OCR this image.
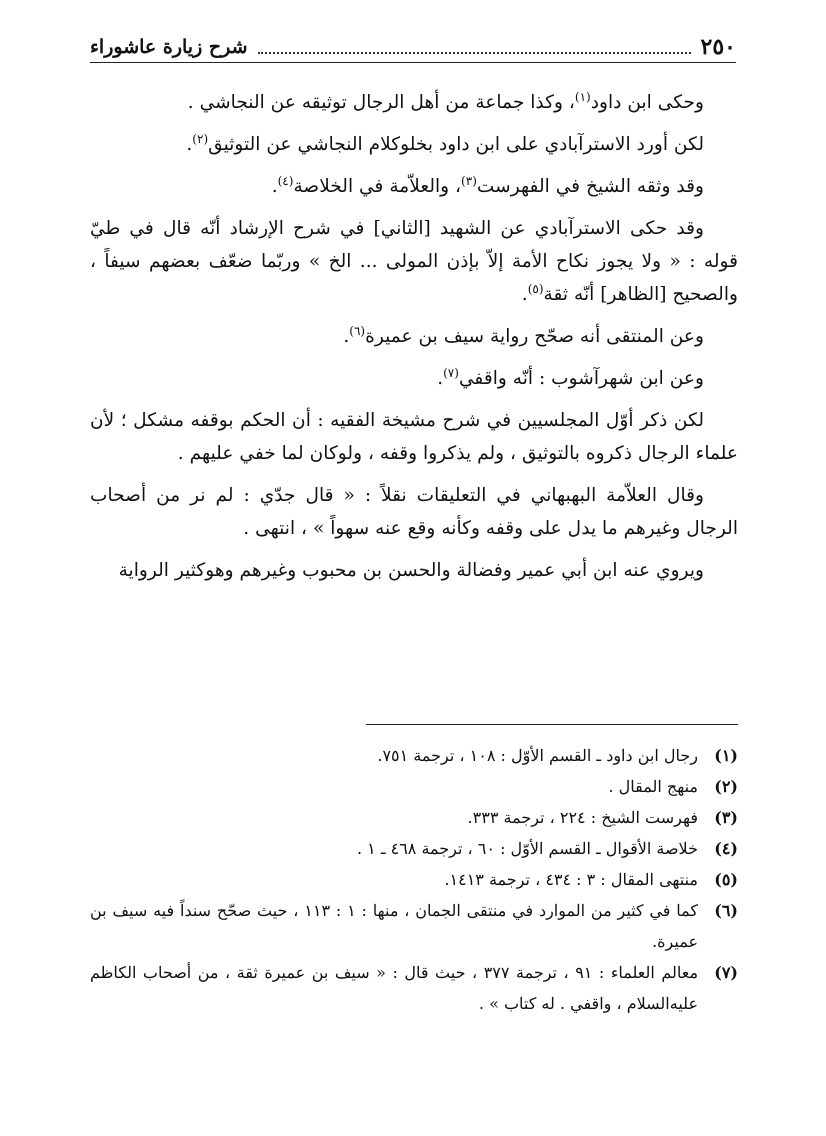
٢٥٠
شرح زيارة عاشوراء

وحكى ابن داود$^{(١)}$، وكذا جماعة من أهل الرجال توثيقه عن النجاشي .

لكن أورد الاسترآبادي على ابن داود بخلوكلام النجاشي عن التوثيق$^{(٢)}$.

وقد وثقه الشيخ في الفهرست$^{(٣)}$، والعلاّمة في الخلاصة$^{(٤)}$.

وقد حكى الاسترآبادي عن الشهيد [الثاني] في شرح الإرشاد أنّه قال في طيّ قوله : « ولا يجوز نكاح الأمة إلاّ بإذن المولى ... الخ » وربّما ضعّف بعضهم سيفاً ، والصحيح [الظاهر] أنّه ثقة$^{(٥)}$.

وعن المنتقى أنه صحّح رواية سيف بن عميرة$^{(٦)}$.

وعن ابن شهرآشوب : أنّه واقفي$^{(٧)}$.

لكن ذكر أوّل المجلسيين في شرح مشيخة الفقيه : أن الحكم بوقفه مشكل ؛ لأن علماء الرجال ذكروه بالتوثيق ، ولم يذكروا وقفه ، ولوكان لما خفي عليهم .

وقال العلاّمة البهبهاني في التعليقات نقلاً : « قال جدّي : لم نر من أصحاب الرجال وغيرهم ما يدل على وقفه وكأنه وقع عنه سهواً » ، انتهى .

ويروي عنه ابن أبي عمير وفضالة والحسن بن محبوب وغيرهم وهوكثير الرواية

(١)
رجال ابن داود ـ القسم الأوّل : ١٠٨ ، ترجمة ٧٥١.
(٢)
منهج المقال .
(٣)
فهرست الشيخ : ٢٢٤ ، ترجمة ٣٣٣.
(٤)
خلاصة الأقوال ـ القسم الأوّل : ٦٠ ، ترجمة ٤٦٨ ـ ١ .
(٥)
منتهى المقال : ٣ : ٤٣٤ ، ترجمة ١٤١٣.
(٦)
كما في كثير من الموارد في منتقى الجمان ، منها : ١ : ١١٣ ، حيث صحّح سنداً فيه سيف بن عميرة.
(٧)
معالم العلماء : ٩١ ، ترجمة ٣٧٧ ، حيث قال : « سيف بن عميرة ثقة ، من أصحاب الكاظم عليه‌السلام ، واقفي . له كتاب » .
